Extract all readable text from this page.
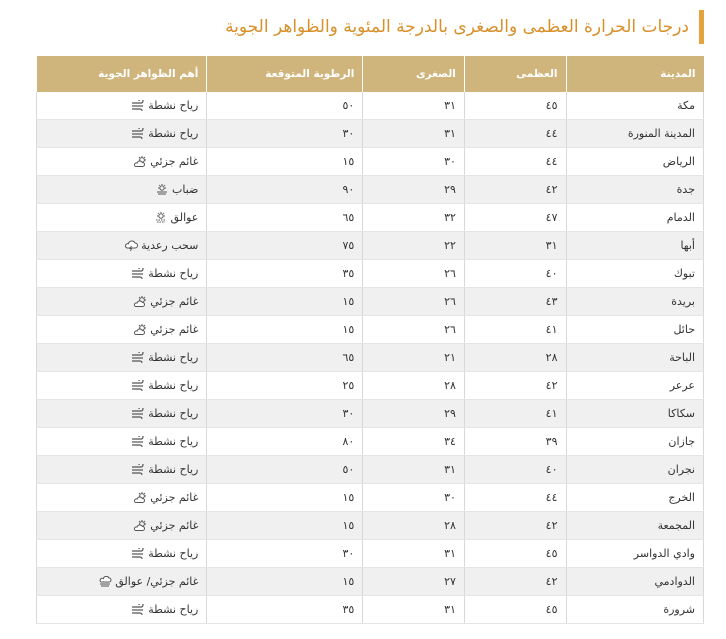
درجات الحرارة العظمى والصغرى بالدرجة المئوية والظواهر الجوية
المدينة	العظمى	الصغرى	الرطوبة المتوقعة	أهم الظواهر الجوية
مكة	٤٥	٣١	٥٠	رياح نشطة

المدينة المنورة	٤٤	٣١	٣٠	رياح نشطة

الرياض	٤٤	٣٠	١٥	غائم جزئي

جدة	٤٢	٢٩	٩٠	ضباب

الدمام	٤٧	٣٢	٦٥	عوالق

أبها	٣١	٢٢	٧٥	سحب رعدية

تبوك	٤٠	٢٦	٣٥	رياح نشطة

بريدة	٤٣	٢٦	١٥	غائم جزئي

حائل	٤١	٢٦	١٥	غائم جزئي

الباحة	٢٨	٢١	٦٥	رياح نشطة

عرعر	٤٢	٢٨	٢٥	رياح نشطة

سكاكا	٤١	٢٩	٣٠	رياح نشطة

جازان	٣٩	٣٤	٨٠	رياح نشطة

نجران	٤٠	٣١	٥٠	رياح نشطة

الخرج	٤٤	٣٠	١٥	غائم جزئي

المجمعة	٤٢	٢٨	١٥	غائم جزئي

وادي الدواسر	٤٥	٣١	٣٠	رياح نشطة

الدوادمي	٤٢	٢٧	١٥	غائم جزئي/ عوالق

شرورة	٤٥	٣١	٣٥	رياح نشطة
